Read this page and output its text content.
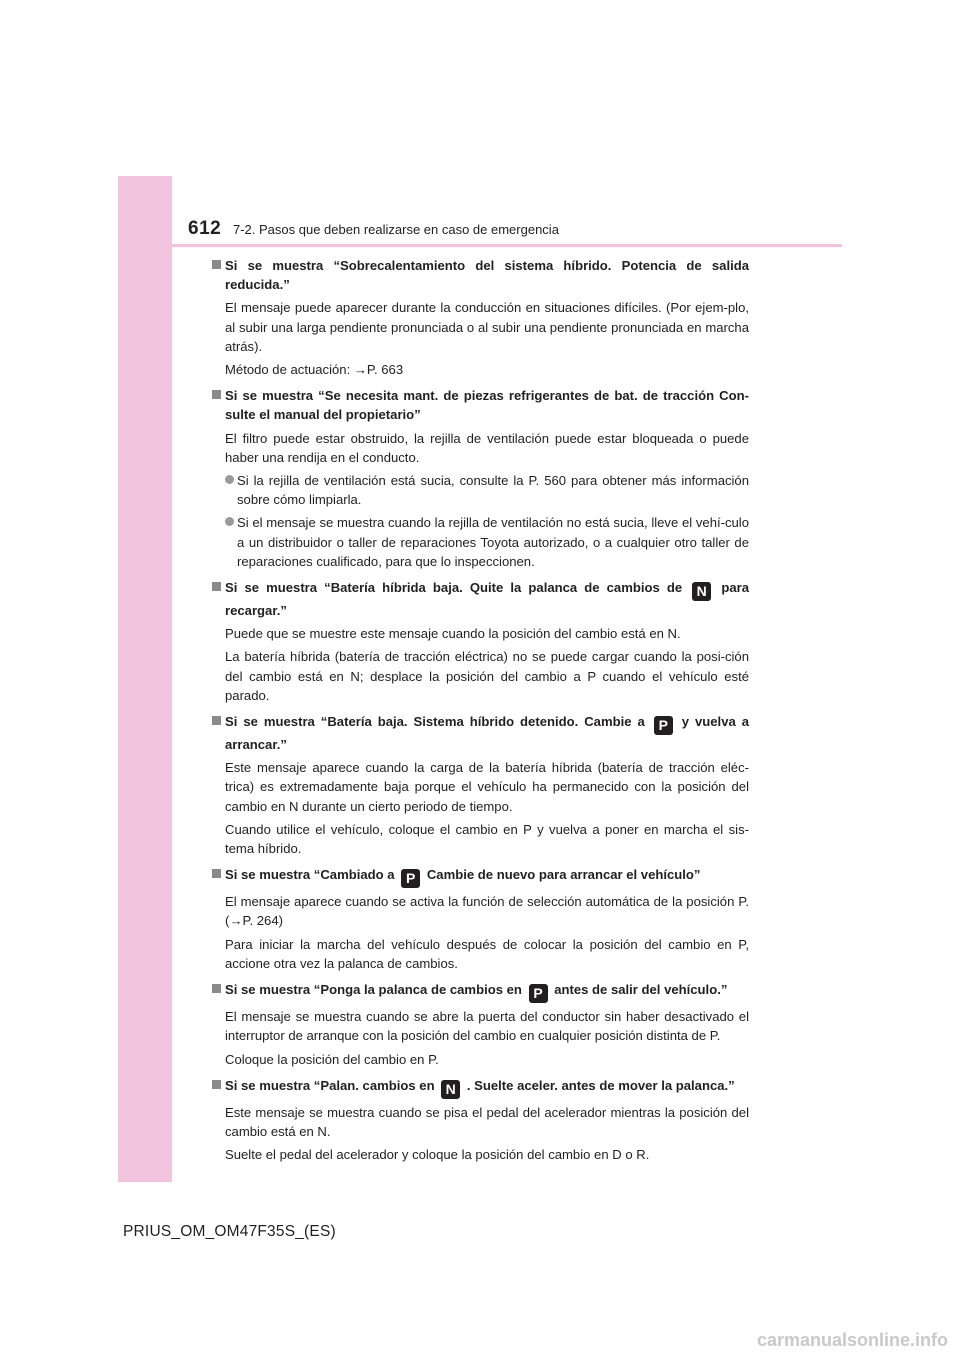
612 7-2. Pasos que deben realizarse en caso de emergencia
Si se muestra “Sobrecalentamiento del sistema híbrido. Potencia de salida reducida.”
El mensaje puede aparecer durante la conducción en situaciones difíciles. (Por ejem-plo, al subir una larga pendiente pronunciada o al subir una pendiente pronunciada en marcha atrás).
Método de actuación: →P. 663
Si se muestra “Se necesita mant. de piezas refrigerantes de bat. de tracción Con-sulte el manual del propietario”
El filtro puede estar obstruido, la rejilla de ventilación puede estar bloqueada o puede haber una rendija en el conducto.
Si la rejilla de ventilación está sucia, consulte la P. 560 para obtener más información sobre cómo limpiarla.
Si el mensaje se muestra cuando la rejilla de ventilación no está sucia, lleve el vehí-culo a un distribuidor o taller de reparaciones Toyota autorizado, o a cualquier otro taller de reparaciones cualificado, para que lo inspeccionen.
Si se muestra “Batería híbrida baja. Quite la palanca de cambios de N para recargar.”
Puede que se muestre este mensaje cuando la posición del cambio está en N.
La batería híbrida (batería de tracción eléctrica) no se puede cargar cuando la posi-ción del cambio está en N; desplace la posición del cambio a P cuando el vehículo esté parado.
Si se muestra “Batería baja. Sistema híbrido detenido. Cambie a P y vuelva a arrancar.”
Este mensaje aparece cuando la carga de la batería híbrida (batería de tracción eléc-trica) es extremadamente baja porque el vehículo ha permanecido con la posición del cambio en N durante un cierto periodo de tiempo.
Cuando utilice el vehículo, coloque el cambio en P y vuelva a poner en marcha el sis-tema híbrido.
Si se muestra “Cambiado a P Cambie de nuevo para arrancar el vehículo”
El mensaje aparece cuando se activa la función de selección automática de la posición P. (→P. 264)
Para iniciar la marcha del vehículo después de colocar la posición del cambio en P, accione otra vez la palanca de cambios.
Si se muestra “Ponga la palanca de cambios en P antes de salir del vehículo.”
El mensaje se muestra cuando se abre la puerta del conductor sin haber desactivado el interruptor de arranque con la posición del cambio en cualquier posición distinta de P.
Coloque la posición del cambio en P.
Si se muestra “Palan. cambios en N . Suelte aceler. antes de mover la palanca.”
Este mensaje se muestra cuando se pisa el pedal del acelerador mientras la posición del cambio está en N.
Suelte el pedal del acelerador y coloque la posición del cambio en D o R.
PRIUS_OM_OM47F35S_(ES)
carmanualsonline.info
